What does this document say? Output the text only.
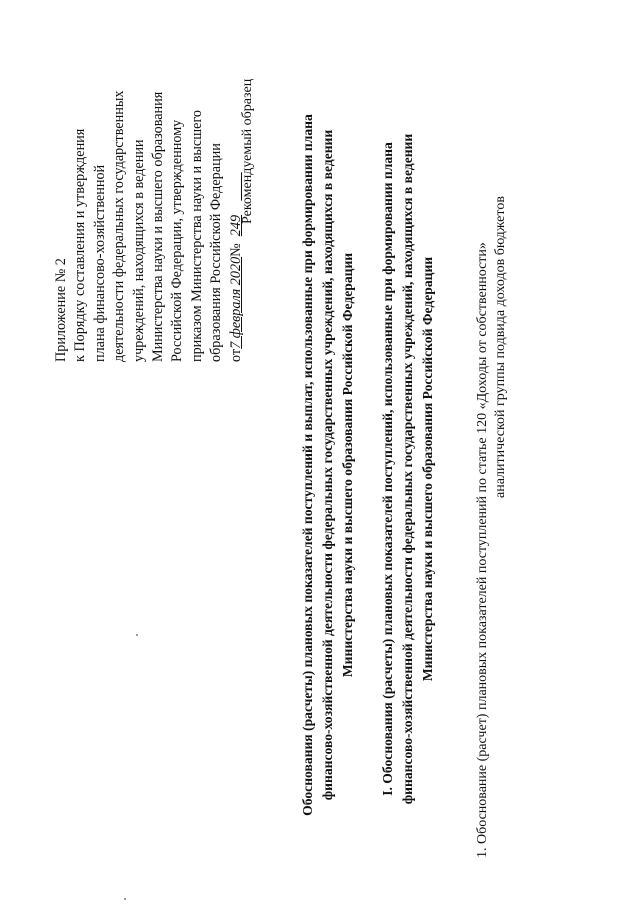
Приложение № 2 к Порядку составления и утверждения плана финансово-хозяйственной деятельности федеральных государственных учреждений, находящихся в ведении Министерства науки и высшего образования Российской Федерации, утвержденному приказом Министерства науки и высшего образования Российской Федерации от7 февраля 2020№  249
Рекомендуемый образец	Обоснования (расчеты) плановых показателей поступлений и выплат, использованные при формировании плана финансово-хозяйственной деятельности федеральных государственных учреждений, находящихся в ведении Министерства науки и высшего образования Российской Федерации I. Обоснования (расчеты) плановых показателей поступлений, использованные при формировании плана финансово-хозяйственной деятельности федеральных государственных учреждений, находящихся в ведении Министерства науки и высшего образования Российской Федерации	1. Обоснование (расчет) плановых показателей поступлений по статье 120 «Доходы от собственности» аналитической группы подвида доходов бюджетов
